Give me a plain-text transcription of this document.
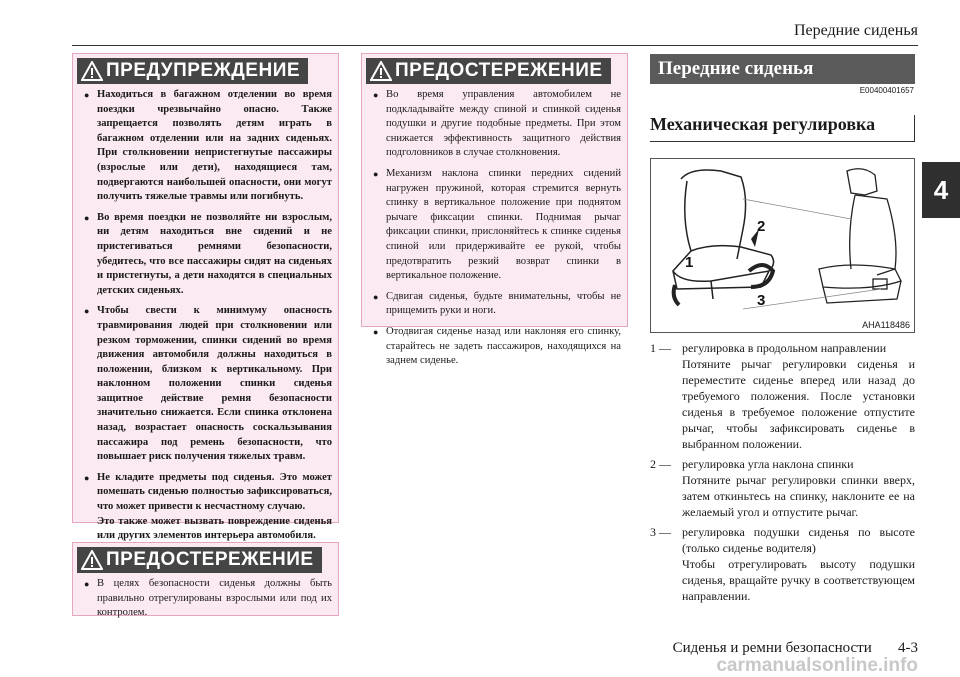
Передние сиденья
4
ПРЕДУПРЕЖДЕНИЕ

● Находиться в багажном отделении во время поездки чрезвычайно опасно. Также запрещается позволять детям играть в багажном отделении или на задних сиденьях. При столкновении непристегнутые пассажиры (взрослые или дети), находящиеся там, подвергаются наибольшей опасности, они могут получить тяжелые травмы или погибнуть.

● Во время поездки не позволяйте ни взрослым, ни детям находиться вне сидений и не пристегиваться ремнями безопасности, убедитесь, что все пассажиры сидят на сиденьях и пристегнуты, а дети находятся в специальных детских сиденьях.

● Чтобы свести к минимуму опасность травмирования людей при столкновении или резком торможении, спинки сидений во время движения автомобиля должны находиться в положении, близком к вертикальному. При наклонном положении спинки сиденья защитное действие ремня безопасности значительно снижается. Если спинка отклонена назад, возрастает опасность соскальзывания пассажира под ремень безопасности, что повышает риск получения тяжелых травм.

● Не кладите предметы под сиденья. Это может помешать сиденью полностью зафиксироваться, что может привести к несчастному случаю.
Это также может вызвать повреждение сиденья или других элементов интерьера автомобиля.

ПРЕДОСТЕРЕЖЕНИЕ

● В целях безопасности сиденья должны быть правильно отрегулированы взрослыми или под их контролем.

ПРЕДОСТЕРЕЖЕНИЕ

● Во время управления автомобилем не подкладывайте между спиной и спинкой сиденья подушки и другие подобные предметы. При этом снижается эффективность защитного действия подголовников в случае столкновения.

● Механизм наклона спинки передних сидений нагружен пружиной, которая стремится вернуть спинку в вертикальное положение при поднятом рычаге фиксации спинки. Поднимая рычаг фиксации спинки, прислоняйтесь к спинке сиденья спиной или придерживайте ее рукой, чтобы предотвратить резкий возврат спинки в вертикальное положение.

● Сдвигая сиденья, будьте внимательны, чтобы не прищемить руки и ноги.

● Отодвигая сиденье назад или наклоняя его спинку, старайтесь не задеть пассажиров, находящихся на заднем сиденье.

Передние сиденья
E00400401657
Механическая регулировка
1
2
3
AHA118486
1 — регулировка в продольном направлении
Потяните рычаг регулировки сиденья и переместите сиденье вперед или назад до требуемого положения. После установки сиденья в требуемое положение отпустите рычаг, чтобы зафиксировать сиденье в выбранном положении.
2 — регулировка угла наклона спинки
Потяните рычаг регулировки спинки вверх, затем откиньтесь на спинку, наклоните ее на желаемый угол и отпустите рычаг.
3 — регулировка подушки сиденья по высоте (только сиденье водителя)
Чтобы отрегулировать высоту подушки сиденья, вращайте ручку в соответствующем направлении.
Сиденья и ремни безопасности 4-3
carmanualsonline.info
